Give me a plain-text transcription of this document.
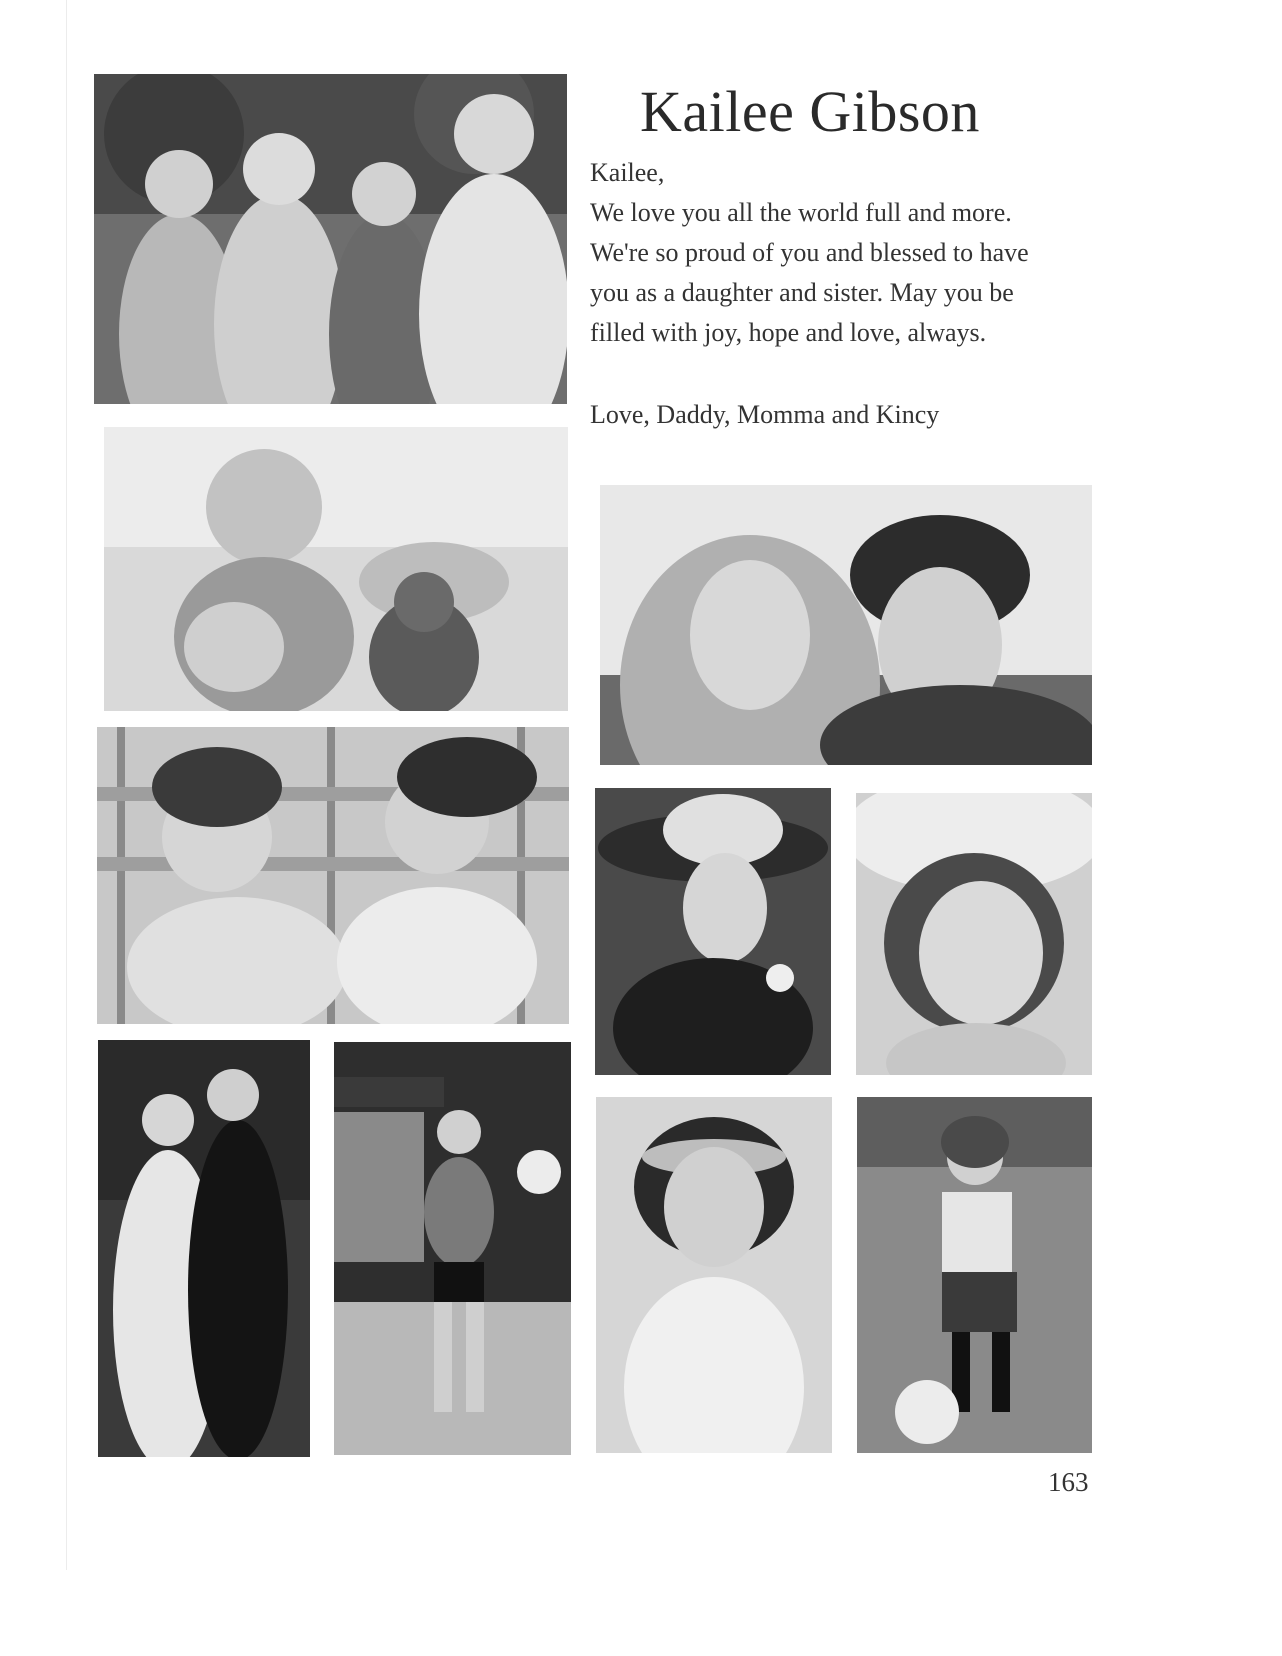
Kailee Gibson

Kailee,

We love you all the world full and more.

We're so proud of you and blessed to have

you as a daughter and sister. May you be

filled with joy, hope and love, always.

Love, Daddy, Momma and Kincy
163
